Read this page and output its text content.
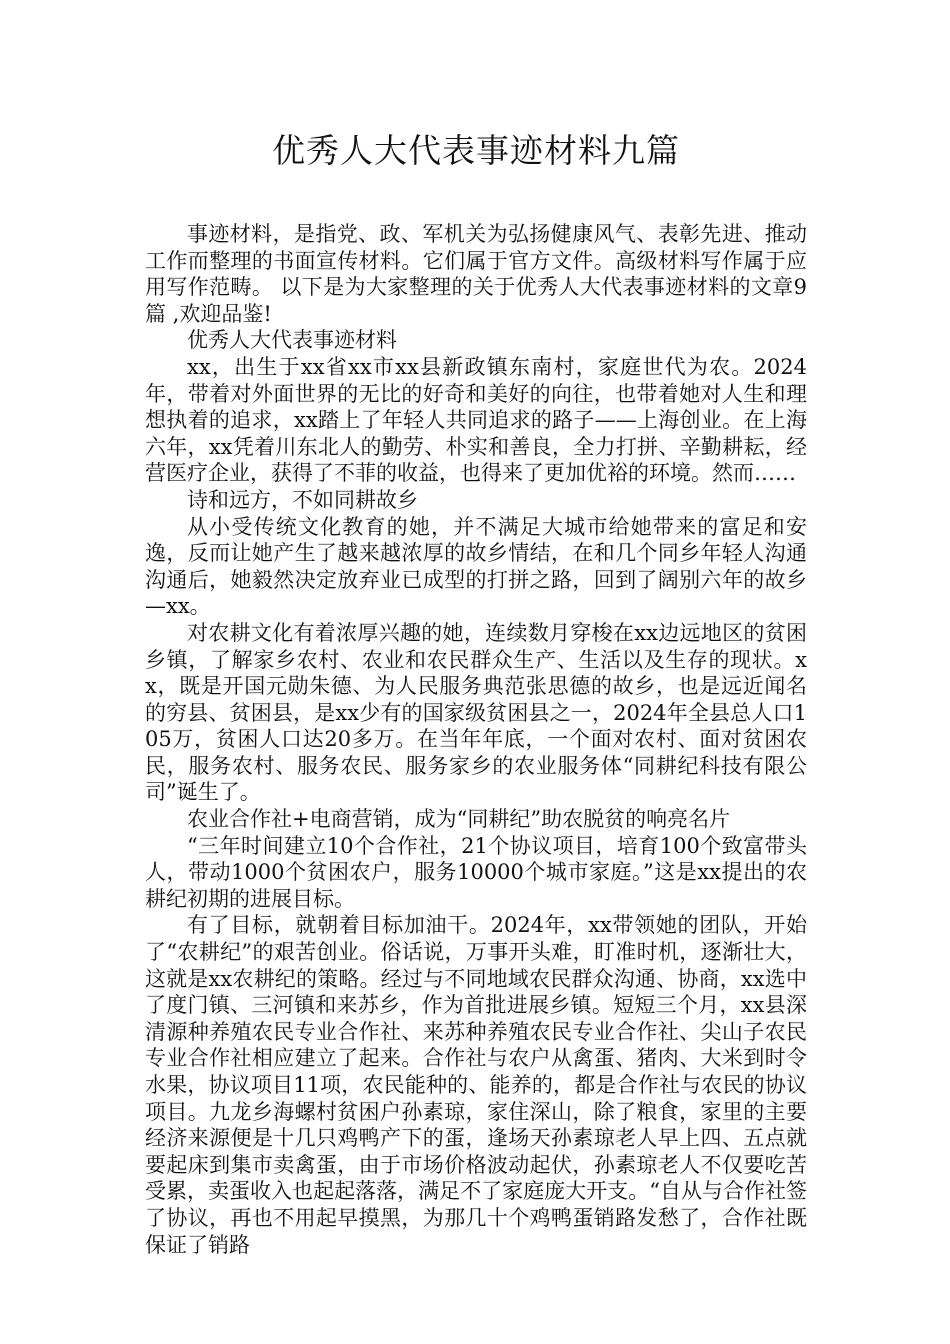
优秀人大代表事迹材料九篇

事迹材料，是指党、政、军机关为弘扬健康风气、表彰先进、推动工作而整理的书面宣传材料。它们属于官方文件。高级材料写作属于应用写作范畴。 以下是为大家整理的关于优秀人大代表事迹材料的文章9篇 ,欢迎品鉴!

优秀人大代表事迹材料

xx，出生于xx省xx市xx县新政镇东南村，家庭世代为农。2024年，带着对外面世界的无比的好奇和美好的向往，也带着她对人生和理想执着的追求，xx踏上了年轻人共同追求的路子——上海创业。在上海六年，xx凭着川东北人的勤劳、朴实和善良，全力打拼、辛勤耕耘，经营医疗企业，获得了不菲的收益，也得来了更加优裕的环境。然而……

诗和远方，不如同耕故乡

从小受传统文化教育的她，并不满足大城市给她带来的富足和安逸，反而让她产生了越来越浓厚的故乡情结，在和几个同乡年轻人沟通沟通后，她毅然决定放弃业已成型的打拼之路，回到了阔别六年的故乡—xx。

对农耕文化有着浓厚兴趣的她，连续数月穿梭在xx边远地区的贫困乡镇，了解家乡农村、农业和农民群众生产、生活以及生存的现状。xx，既是开国元勋朱德、为人民服务典范张思德的故乡，也是远近闻名的穷县、贫困县，是xx少有的国家级贫困县之一，2024年全县总人口105万，贫困人口达20多万。在当年年底，一个面对农村、面对贫困农民，服务农村、服务农民、服务家乡的农业服务体“同耕纪科技有限公司”诞生了。

农业合作社+电商营销，成为“同耕纪”助农脱贫的响亮名片

“三年时间建立10个合作社，21个协议项目，培育100个致富带头人，带动1000个贫困农户，服务10000个城市家庭。”这是xx提出的农耕纪初期的进展目标。

有了目标，就朝着目标加油干。2024年，xx带领她的团队，开始了“农耕纪”的艰苦创业。俗话说，万事开头难，盯准时机，逐渐壮大，这就是xx农耕纪的策略。经过与不同地域农民群众沟通、协商，xx选中了度门镇、三河镇和来苏乡，作为首批进展乡镇。短短三个月，xx县深清源种养殖农民专业合作社、来苏种养殖农民专业合作社、尖山子农民专业合作社相应建立了起来。合作社与农户从禽蛋、猪肉、大米到时令水果，协议项目11项，农民能种的、能养的，都是合作社与农民的协议项目。九龙乡海螺村贫困户孙素琼，家住深山，除了粮食，家里的主要经济来源便是十几只鸡鸭产下的蛋，逢场天孙素琼老人早上四、五点就要起床到集市卖禽蛋，由于市场价格波动起伏，孙素琼老人不仅要吃苦受累，卖蛋收入也起起落落，满足不了家庭庞大开支。“自从与合作社签了协议，再也不用起早摸黑，为那几十个鸡鸭蛋销路发愁了，合作社既保证了销路
